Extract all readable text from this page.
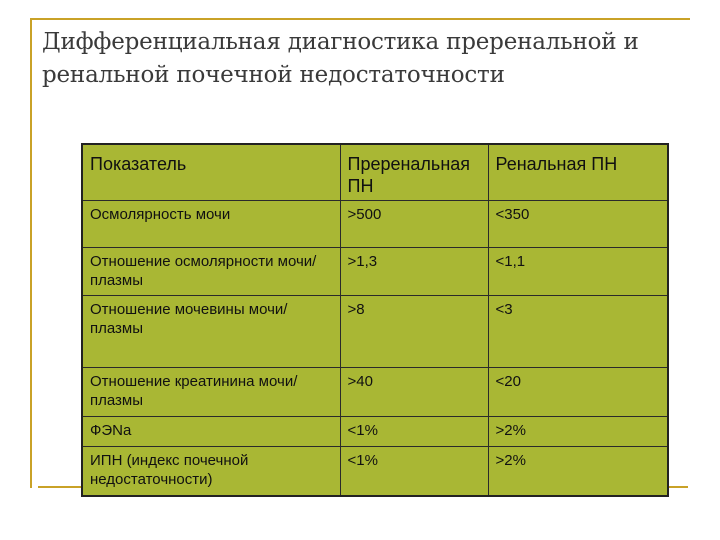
Дифференциальная диагностика преренальной и ренальной почечной недостаточности
Показатель	Преренальная ПН	Ренальная ПН
Осмолярность мочи	>500	<350
Отношение осмолярности мочи/плазмы	>1,3	<1,1
Отношение мочевины мочи/плазмы	>8	<3
Отношение креатинина мочи/плазмы	>40	<20
ФЭNa	<1%	>2%
ИПН (индекс почечной недостаточности)	<1%	>2%
